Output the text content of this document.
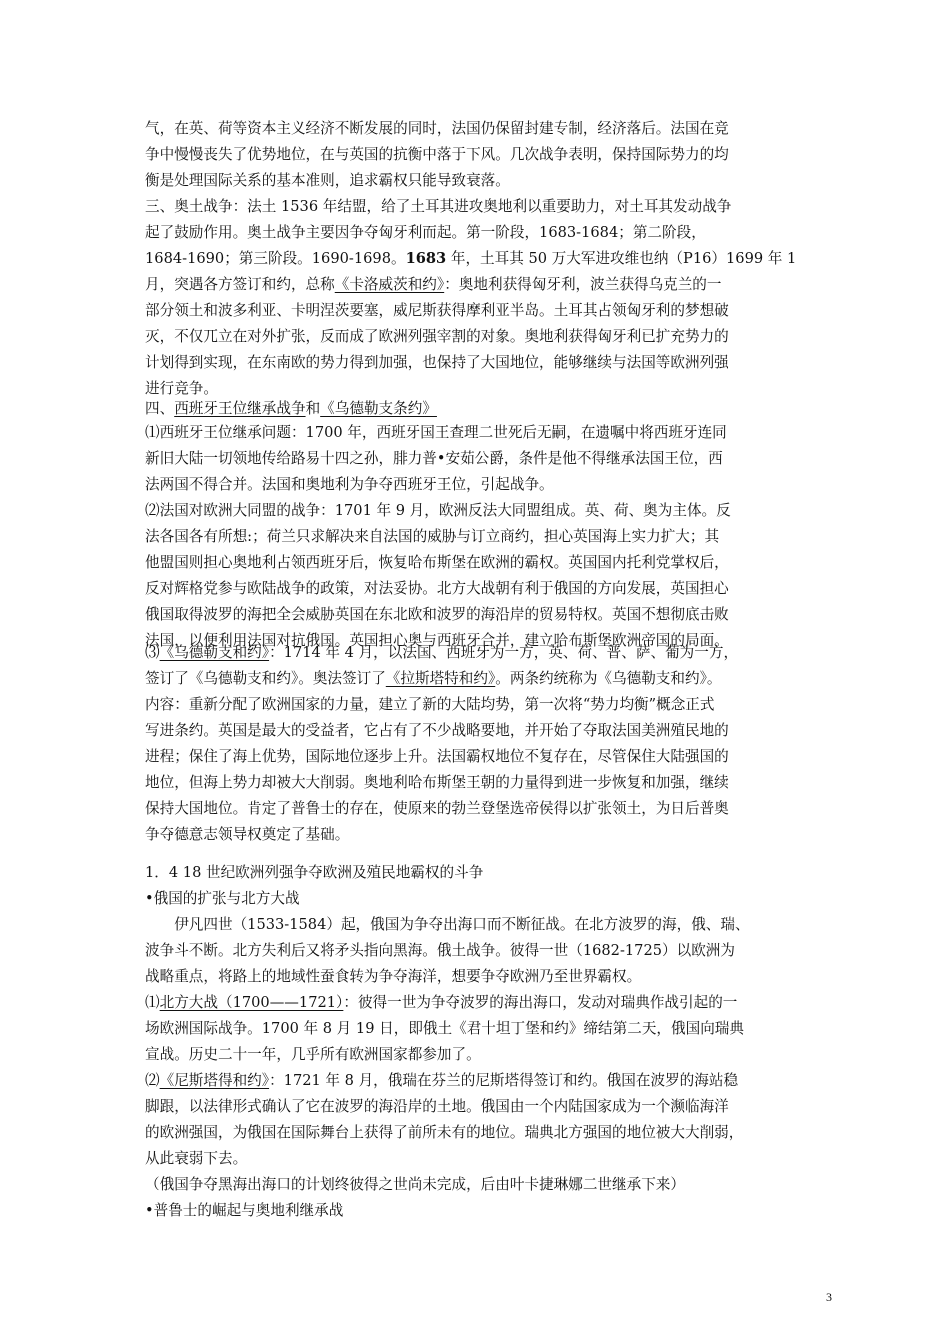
气，在英、荷等资本主义经济不断发展的同时，法国仍保留封建专制，经济落后。法国在竞
争中慢慢丧失了优势地位，在与英国的抗衡中落于下风。几次战争表明，保持国际势力的均
衡是处理国际关系的基本准则，追求霸权只能导致衰落。
三、奥土战争：法土 1536 年结盟，给了土耳其进攻奥地利以重要助力，对土耳其发动战争
起了鼓励作用。奥土战争主要因争夺匈牙利而起。第一阶段，1683-1684；第二阶段，
1684-1690；第三阶段。1690-1698。1683 年，土耳其 50 万大军进攻维也纳（P16）1699 年 1
月，突遇各方签订和约，总称《卡洛威茨和约》：奥地利获得匈牙利，波兰获得乌克兰的一
部分领土和波多利亚、卡明涅茨要塞，威尼斯获得摩利亚半岛。土耳其占领匈牙利的梦想破
灭，不仅兀立在对外扩张，反而成了欧洲列强宰割的对象。奥地利获得匈牙利已扩充势力的
计划得到实现，在东南欧的势力得到加强，也保持了大国地位，能够继续与法国等欧洲列强
进行竞争。
四、西班牙王位继承战争和《乌德勒支条约》
⑴西班牙王位继承问题：1700 年，西班牙国王查理二世死后无嗣，在遗嘱中将西班牙连同
新旧大陆一切领地传给路易十四之孙，腓力普•安茹公爵，条件是他不得继承法国王位，西
法两国不得合并。法国和奥地利为争夺西班牙王位，引起战争。
⑵法国对欧洲大同盟的战争：1701 年 9 月，欧洲反法大同盟组成。英、荷、奥为主体。反
法各国各有所想:；荷兰只求解决来自法国的威胁与订立商约，担心英国海上实力扩大；其
他盟国则担心奥地利占领西班牙后，恢复哈布斯堡在欧洲的霸权。英国国内托利党掌权后，
反对辉格党参与欧陆战争的政策，对法妥协。北方大战朝有利于俄国的方向发展，英国担心
俄国取得波罗的海把全会威胁英国在东北欧和波罗的海沿岸的贸易特权。英国不想彻底击败
法国，以便利用法国对抗俄国。英国担心奥与西班牙合并，建立哈布斯堡欧洲帝国的局面。
⑶《乌德勒支和约》：1714 年 4 月，以法国、西班牙为一方，英、荷、普、萨、葡为一方，
签订了《乌德勒支和约》。奥法签订了《拉斯塔特和约》。两条约统称为《乌德勒支和约》。
内容：重新分配了欧洲国家的力量，建立了新的大陆均势，第一次将“势力均衡”概念正式
写进条约。英国是最大的受益者，它占有了不少战略要地，并开始了夺取法国美洲殖民地的
进程；保住了海上优势，国际地位逐步上升。法国霸权地位不复存在，尽管保住大陆强国的
地位，但海上势力却被大大削弱。奥地利哈布斯堡王朝的力量得到进一步恢复和加强，继续
保持大国地位。肯定了普鲁士的存在，使原来的勃兰登堡选帝侯得以扩张领土，为日后普奥
争夺德意志领导权奠定了基础。
1．4 18 世纪欧洲列强争夺欧洲及殖民地霸权的斗争
•俄国的扩张与北方大战
　　伊凡四世（1533-1584）起，俄国为争夺出海口而不断征战。在北方波罗的海，俄、瑞、
波争斗不断。北方失利后又将矛头指向黑海。俄土战争。彼得一世（1682-1725）以欧洲为
战略重点，将路上的地域性蚕食转为争夺海洋，想要争夺欧洲乃至世界霸权。
⑴北方大战（1700——1721）：彼得一世为争夺波罗的海出海口，发动对瑞典作战引起的一
场欧洲国际战争。1700 年 8 月 19 日，即俄土《君十坦丁堡和约》缔结第二天，俄国向瑞典
宣战。历史二十一年，几乎所有欧洲国家都参加了。
⑵《尼斯塔得和约》：1721 年 8 月，俄瑞在芬兰的尼斯塔得签订和约。俄国在波罗的海站稳
脚跟，以法律形式确认了它在波罗的海沿岸的土地。俄国由一个内陆国家成为一个濒临海洋
的欧洲强国，为俄国在国际舞台上获得了前所未有的地位。瑞典北方强国的地位被大大削弱，
从此衰弱下去。
（俄国争夺黑海出海口的计划终彼得之世尚未完成，后由叶卡捷琳娜二世继承下来）
•普鲁士的崛起与奥地利继承战
3
